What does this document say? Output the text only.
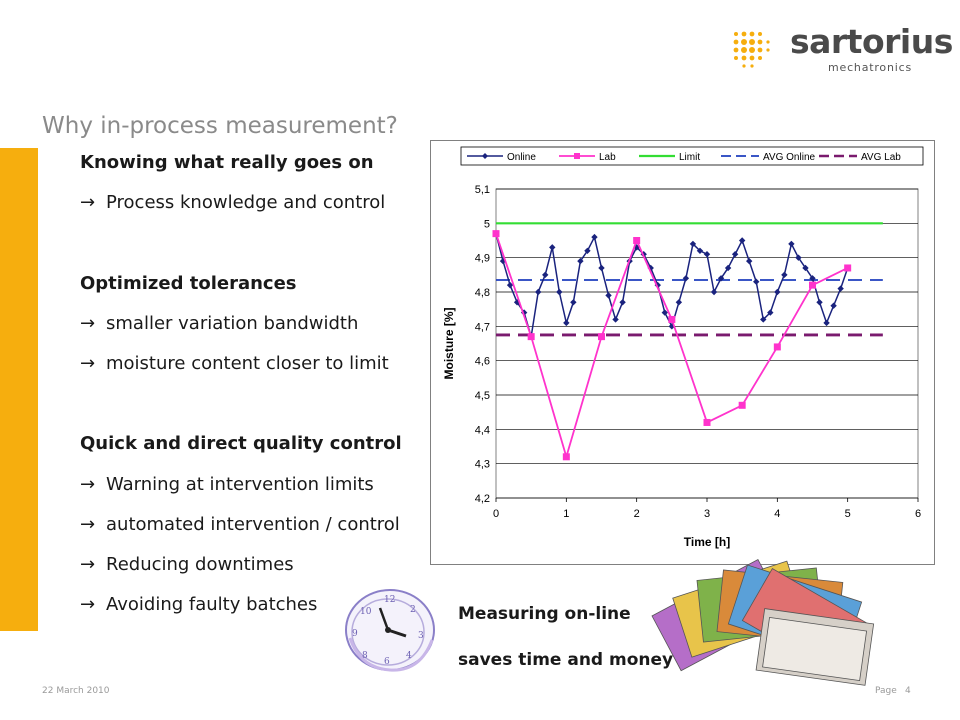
sartorius
mechatronics
Why in-process measurement?
Knowing what really goes on
→ Process knowledge and control
Optimized tolerances
→ smaller variation bandwidth
→ moisture content closer to limit
Quick and direct quality control
→ Warning at intervention limits
→ automated intervention / control
→ Reducing downtimes
→ Avoiding faulty batches
4,2
4,3
4,4
4,5
4,6
4,7
4,8
4,9
5
5,1
0	1	2	3	4	5	6
Time [h]
Moisture [%]
Online	Lab	Limit	AVG Online	AVG Lab
12
10	2
9	3
8
6
4
Measuring on-line
saves time and money
22 March 2010	Page 4
